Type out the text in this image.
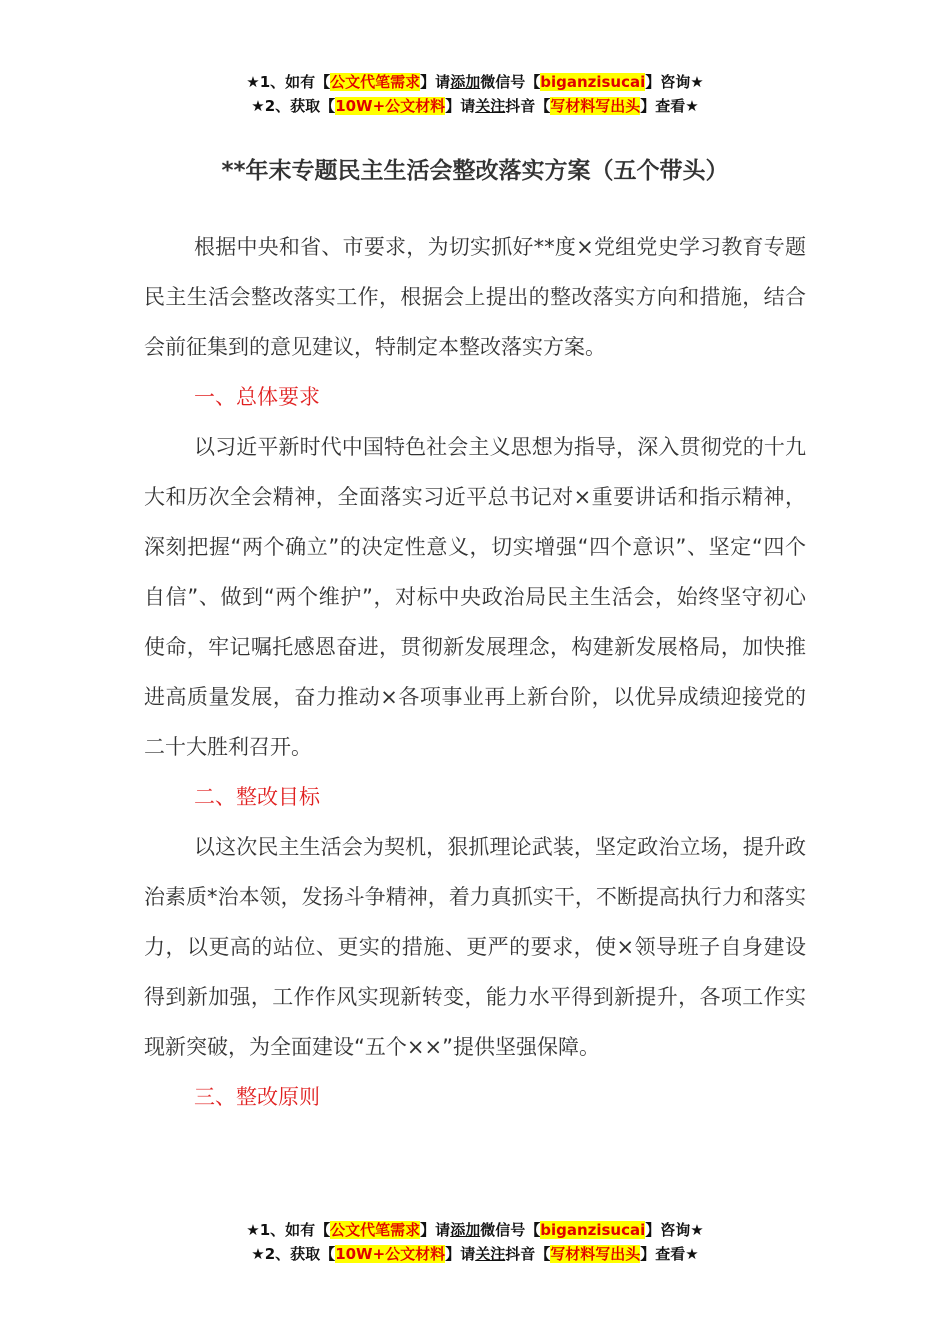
★1、如有【公文代笔需求】请添加微信号【biganzisucai】咨询★
★2、获取【10W+公文材料】请关注抖音【写材料写出头】查看★
**年末专题民主生活会整改落实方案（五个带头）

根据中央和省、市要求，为切实抓好**度×党组党史学习教育专题民主生活会整改落实工作，根据会上提出的整改落实方向和措施，结合会前征集到的意见建议，特制定本整改落实方案。

一、总体要求

以习近平新时代中国特色社会主义思想为指导，深入贯彻党的十九大和历次全会精神，全面落实习近平总书记对×重要讲话和指示精神，深刻把握“两个确立”的决定性意义，切实增强“四个意识”、坚定“四个自信”、做到“两个维护”，对标中央政治局民主生活会，始终坚守初心使命，牢记嘱托感恩奋进，贯彻新发展理念，构建新发展格局，加快推进高质量发展，奋力推动×各项事业再上新台阶，以优异成绩迎接党的二十大胜利召开。

二、整改目标

以这次民主生活会为契机，狠抓理论武装，坚定政治立场，提升政治素质*治本领，发扬斗争精神，着力真抓实干，不断提高执行力和落实力，以更高的站位、更实的措施、更严的要求，使×领导班子自身建设得到新加强，工作作风实现新转变，能力水平得到新提升，各项工作实现新突破，为全面建设“五个××”提供坚强保障。

三、整改原则

★1、如有【公文代笔需求】请添加微信号【biganzisucai】咨询★
★2、获取【10W+公文材料】请关注抖音【写材料写出头】查看★
